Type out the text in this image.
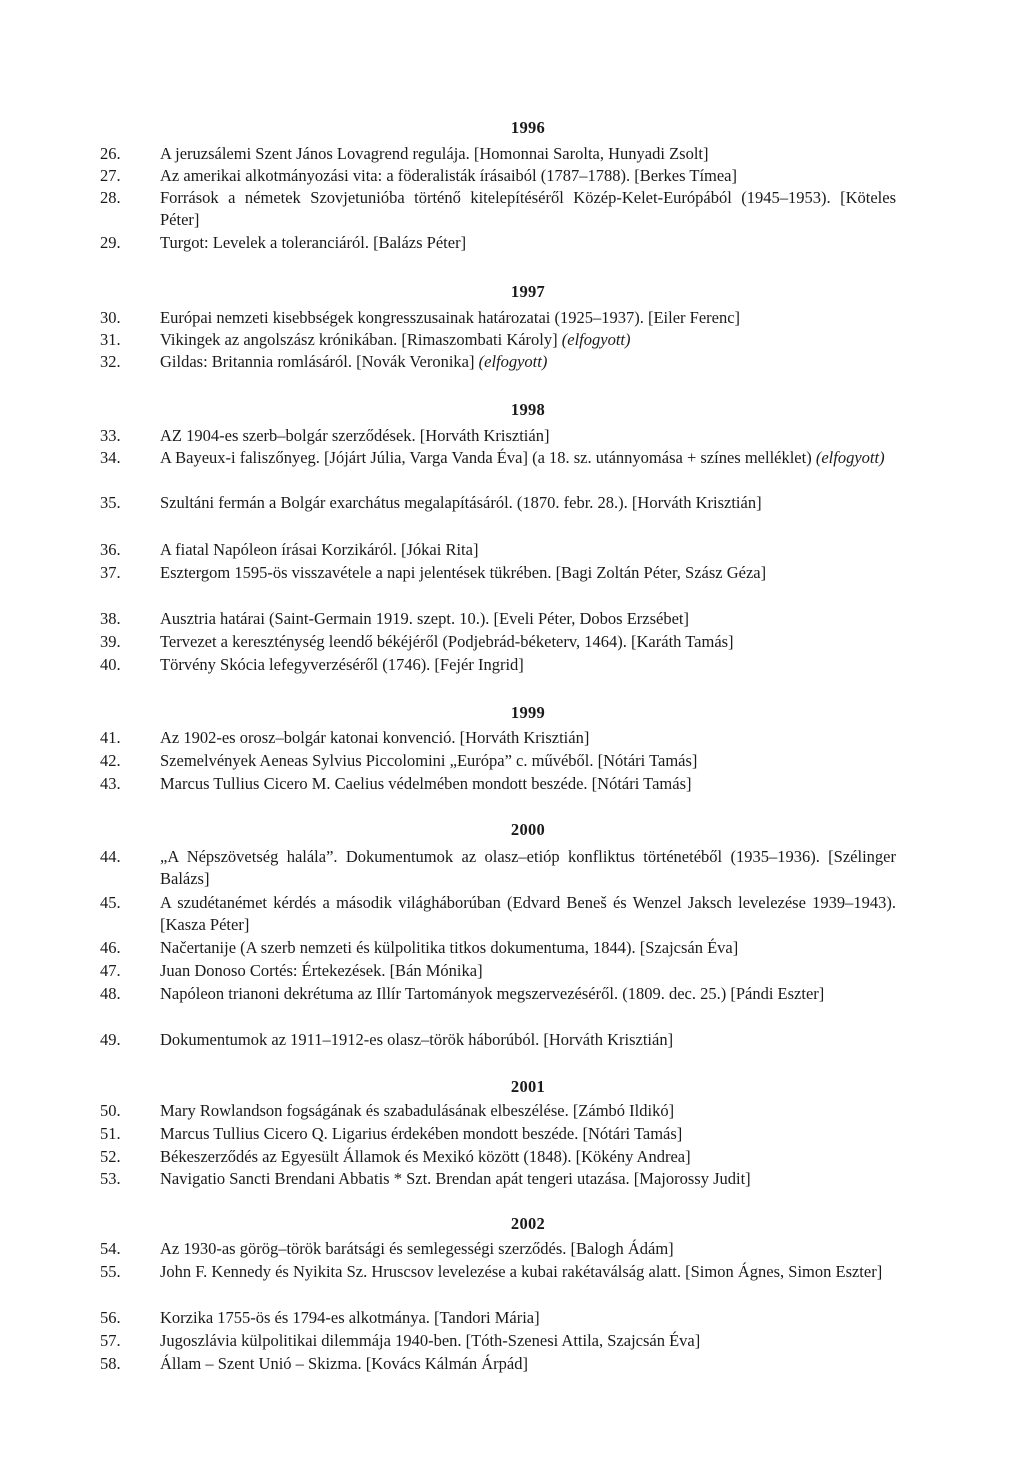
1996
26.	A jeruzsálemi Szent János Lovagrend regulája. [Homonnai Sarolta, Hunyadi Zsolt]
27.	Az amerikai alkotmányozási vita: a föderalisták írásaiból (1787–1788). [Berkes Tímea]
28.	Források a németek Szovjetunióba történő kitelepítéséről Közép-Kelet-Európából (1945–1953). [Köteles Péter]
29.	Turgot: Levelek a toleranciáról. [Balázs Péter]
1997
30.	Európai nemzeti kisebbségek kongresszusainak határozatai (1925–1937). [Eiler Ferenc]
31.	Vikingek az angolszász krónikában. [Rimaszombati Károly] (elfogyott)
32.	Gildas: Britannia romlásáról. [Novák Veronika] (elfogyott)
1998
33.	AZ 1904-es szerb–bolgár szerződések. [Horváth Krisztián]
34.	A Bayeux-i faliszőnyeg. [Jójárt Júlia, Varga Vanda Éva] (a 18. sz. utánnyomása + színes melléklet) (elfogyott)
35.	Szultáni fermán a Bolgár exarchátus megalapításáról. (1870. febr. 28.). [Horváth Krisztián]
36.	A fiatal Napóleon írásai Korzikáról. [Jókai Rita]
37.	Esztergom 1595-ös visszavétele a napi jelentések tükrében. [Bagi Zoltán Péter, Szász Géza]
38.	Ausztria határai (Saint-Germain 1919. szept. 10.). [Eveli Péter, Dobos Erzsébet]
39.	Tervezet a kereszténység leendő békéjéről (Podjebrád-béketerv, 1464). [Karáth Tamás]
40.	Törvény Skócia lefegyverzéséről (1746). [Fejér Ingrid]
1999
41.	Az 1902-es orosz–bolgár katonai konvenció. [Horváth Krisztián]
42.	Szemelvények Aeneas Sylvius Piccolomini „Európa” c. művéből. [Nótári Tamás]
43.	Marcus Tullius Cicero M. Caelius védelmében mondott beszéde. [Nótári Tamás]
2000
44.	„A Népszövetség halála”. Dokumentumok az olasz–etióp konfliktus történetéből (1935–1936). [Szélinger Balázs]
45.	A szudétanémet kérdés a második világháborúban (Edvard Beneš és Wenzel Jaksch levelezése 1939–1943). [Kasza Péter]
46.	Načertanije (A szerb nemzeti és külpolitika titkos dokumentuma, 1844). [Szajcsán Éva]
47.	Juan Donoso Cortés: Értekezések. [Bán Mónika]
48.	Napóleon trianoni dekrétuma az Illír Tartományok megszervezéséről. (1809. dec. 25.) [Pándi Eszter]
49.	Dokumentumok az 1911–1912-es olasz–török háborúból. [Horváth Krisztián]
2001
50.	Mary Rowlandson fogságának és szabadulásának elbeszélése. [Zámbó Ildikó]
51.	Marcus Tullius Cicero Q. Ligarius érdekében mondott beszéde. [Nótári Tamás]
52.	Békeszerződés az Egyesült Államok és Mexikó között (1848). [Kökény Andrea]
53.	Navigatio Sancti Brendani Abbatis * Szt. Brendan apát tengeri utazása. [Majorossy Judit]
2002
54.	Az 1930-as görög–török barátsági és semlegességi szerződés. [Balogh Ádám]
55.	John F. Kennedy és Nyikita Sz. Hruscsov levelezése a kubai rakétaválság alatt. [Simon Ágnes, Simon Eszter]
56.	Korzika 1755-ös és 1794-es alkotmánya. [Tandori Mária]
57.	Jugoszlávia külpolitikai dilemmája 1940-ben. [Tóth-Szenesi Attila, Szajcsán Éva]
58.	Állam – Szent Unió – Skizma. [Kovács Kálmán Árpád]
